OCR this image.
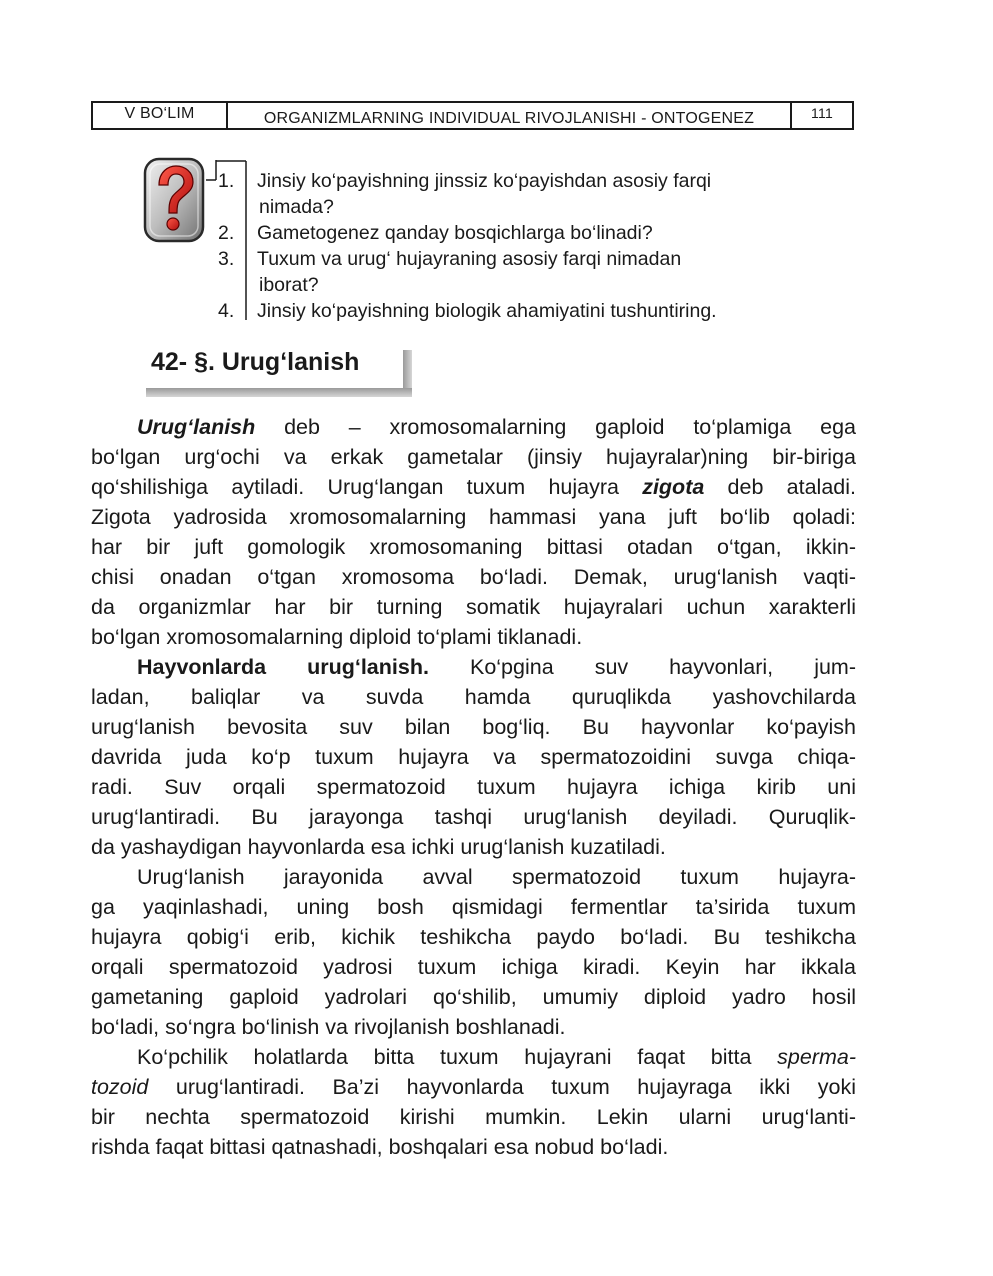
V BO‘LIM	ORGANIZMLARNING INDIVIDUAL RIVOJLANISHI - ONTOGENEZ	111
1.	Jinsiy ko‘payishning jinssiz ko‘payishdan asosiy farqi
nimada?
2.	Gametogenez qanday bosqichlarga bo‘linadi?
3.	Tuxum va urug‘ hujayraning asosiy farqi nimadan
iborat?
4.	Jinsiy ko‘payishning biologik ahamiyatini tushuntiring.
42- §. Urug‘lanish
Urug‘lanish deb – xromosomalarning gaploid to‘plamiga ega
bo‘lgan urg‘ochi va erkak gametalar (jinsiy hujayralar)ning bir-biriga
qo‘shilishiga aytiladi. Urug‘langan tuxum hujayra zigota deb ataladi.
Zigota yadrosida xromosomalarning hammasi yana juft bo‘lib qoladi:
har bir juft gomologik xromosomaning bittasi otadan o‘tgan, ikkin-
chisi onadan o‘tgan xromosoma bo‘ladi. Demak, urug‘lanish vaqti-
da organizmlar har bir turning somatik hujayralari uchun xarakterli
bo‘lgan xromosomalarning diploid to‘plami tiklanadi.
Hayvonlarda urug‘lanish. Ko‘pgina suv hayvonlari, jum-
ladan, baliqlar va suvda hamda quruqlikda yashovchilarda
urug‘lanish bevosita suv bilan bog‘liq. Bu hayvonlar ko‘payish
davrida juda ko‘p tuxum hujayra va spermatozoidini suvga chiqa-
radi. Suv orqali spermatozoid tuxum hujayra ichiga kirib uni
urug‘lantiradi. Bu jarayonga tashqi urug‘lanish deyiladi. Quruqlik-
da yashaydigan hayvonlarda esa ichki urug‘lanish kuzatiladi.
Urug‘lanish jarayonida avval spermatozoid tuxum hujayra-
ga yaqinlashadi, uning bosh qismidagi fermentlar ta’sirida tuxum
hujayra qobig‘i erib, kichik teshikcha paydo bo‘ladi. Bu teshikcha
orqali spermatozoid yadrosi tuxum ichiga kiradi. Keyin har ikkala
gametaning gaploid yadrolari qo‘shilib, umumiy diploid yadro hosil
bo‘ladi, so‘ngra bo‘linish va rivojlanish boshlanadi.
Ko‘pchilik holatlarda bitta tuxum hujayrani faqat bitta sperma-
tozoid urug‘lantiradi. Ba’zi hayvonlarda tuxum hujayraga ikki yoki
bir nechta spermatozoid kirishi mumkin. Lekin ularni urug‘lanti-
rishda faqat bittasi qatnashadi, boshqalari esa nobud bo‘ladi.
